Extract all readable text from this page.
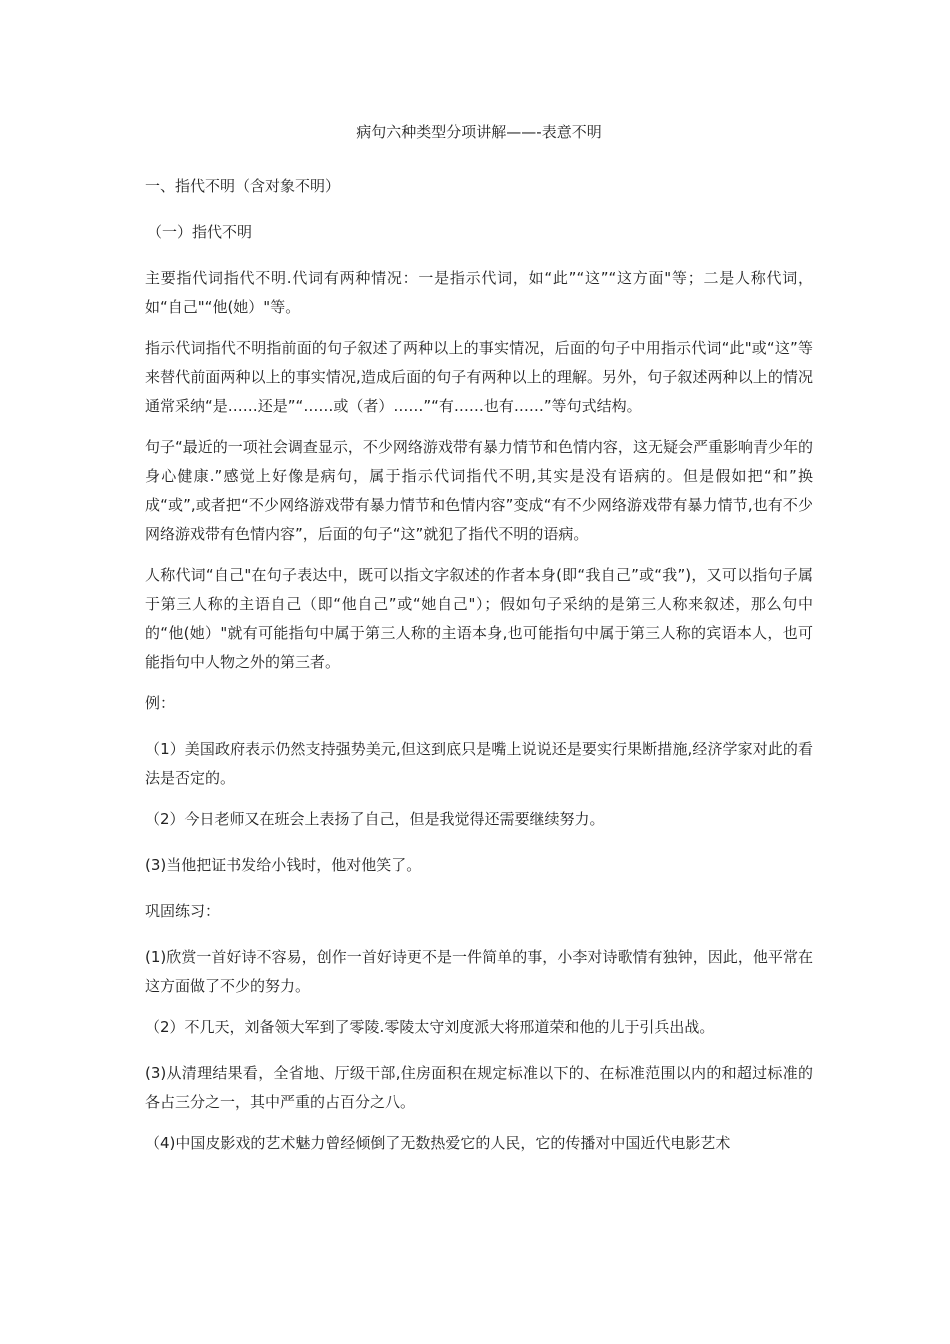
病句六种类型分项讲解——-表意不明
一、指代不明（含对象不明）
（一）指代不明
主要指代词指代不明.代词有两种情况：一是指示代词，如“此”“这”“这方面"等；二是人称代词，如“自己"“他(她）"等。
指示代词指代不明指前面的句子叙述了两种以上的事实情况，后面的句子中用指示代词“此"或“这”等来替代前面两种以上的事实情况,造成后面的句子有两种以上的理解。另外，句子叙述两种以上的情况通常采纳“是……还是”“……或（者）……”“有……也有……”等句式结构。
句子“最近的一项社会调查显示，不少网络游戏带有暴力情节和色情内容，这无疑会严重影响青少年的身心健康.”感觉上好像是病句，属于指示代词指代不明,其实是没有语病的。但是假如把“和”换成“或”,或者把“不少网络游戏带有暴力情节和色情内容”变成“有不少网络游戏带有暴力情节,也有不少网络游戏带有色情内容”，后面的句子“这”就犯了指代不明的语病。
人称代词“自己"在句子表达中，既可以指文字叙述的作者本身(即“我自己”或“我”)，又可以指句子属于第三人称的主语自己（即“他自己”或“她自己"）；假如句子采纳的是第三人称来叙述，那么句中的“他(她）"就有可能指句中属于第三人称的主语本身,也可能指句中属于第三人称的宾语本人，也可能指句中人物之外的第三者。
例：
（1）美国政府表示仍然支持强势美元,但这到底只是嘴上说说还是要实行果断措施,经济学家对此的看法是否定的。
（2）今日老师又在班会上表扬了自己，但是我觉得还需要继续努力。
(3)当他把证书发给小钱时，他对他笑了。
巩固练习：
(1)欣赏一首好诗不容易，创作一首好诗更不是一件简单的事，小李对诗歌情有独钟，因此，他平常在这方面做了不少的努力。
（2）不几天，刘备领大军到了零陵.零陵太守刘度派大将邢道荣和他的儿于引兵出战。
(3)从清理结果看，全省地、厅级干部,住房面积在规定标准以下的、在标准范围以内的和超过标准的各占三分之一，其中严重的占百分之八。
（4)中国皮影戏的艺术魅力曾经倾倒了无数热爱它的人民，它的传播对中国近代电影艺术
